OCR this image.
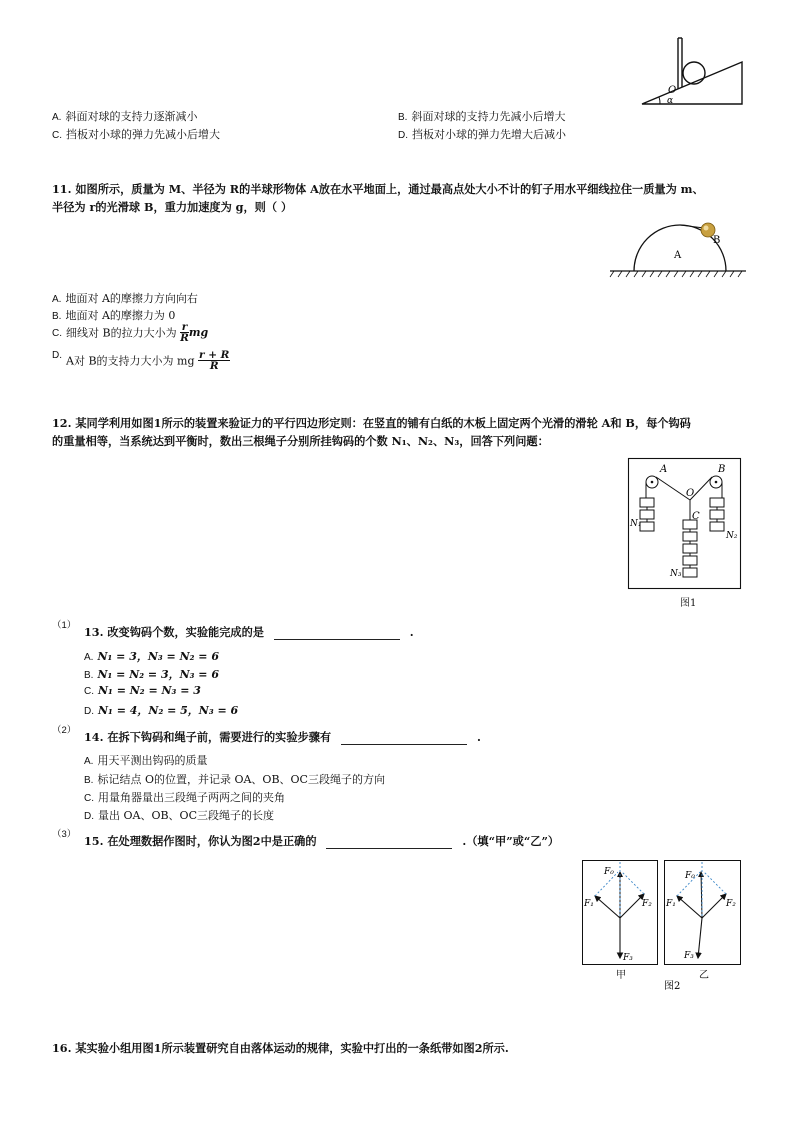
O
α
A. 斜面对球的支持力逐渐减小	B. 斜面对球的支持力先减小后增大
C. 挡板对小球的弹力先减小后增大	D. 挡板对小球的弹力先增大后减小
11. 如图所示，质量为 M、半径为 R的半球形物体 A放在水平地面上，通过最高点处大小不计的钉子用水平细线拉住一质量为 m、
半径为 r的光滑球 B，重力加速度为 g，则（ ）
A
B
A. 地面对 A的摩擦力方向向右
B. 地面对 A的摩擦力为 0
C. 细线对 B的拉力大小为 $\frac{r}{R}$ mg
D. A对 B的支持力大小为 mg $\frac{r + R}{R}$
12. 某同学利用如图1所示的装置来验证力的平行四边形定则：在竖直的铺有白纸的木板上固定两个光滑的滑轮 A和 B，每个钩码
的重量相等，当系统达到平衡时，数出三根绳子分别所挂钩码的个数 N₁、N₂、N₃，回答下列问题：
A	B
O
C
N₁
N₂
N₃
图1
（1） 13. 改变钩码个数，实验能完成的是	.
A. N₁ = 3，N₃ = N₂ = 6
B. N₁ = N₂ = 3，N₃ = 6
C. N₁ = N₂ = N₃ = 3
D. N₁ = 4，N₂ = 5，N₃ = 6
（2） 14. 在拆下钩码和绳子前，需要进行的实验步骤有	.
A. 用天平测出钩码的质量
B. 标记结点 O的位置，并记录 OA、OB、OC三段绳子的方向
C. 用量角器量出三段绳子两两之间的夹角
D. 量出 OA、OB、OC三段绳子的长度
（3） 15. 在处理数据作图时，你认为图2中是正确的	.（填“甲”或“乙”）
F₀
F₁	F₂
F₃
F₀
F₁	F₂
F₃
甲	乙
图2
16. 某实验小组用图1所示装置研究自由落体运动的规律，实验中打出的一条纸带如图2所示.
